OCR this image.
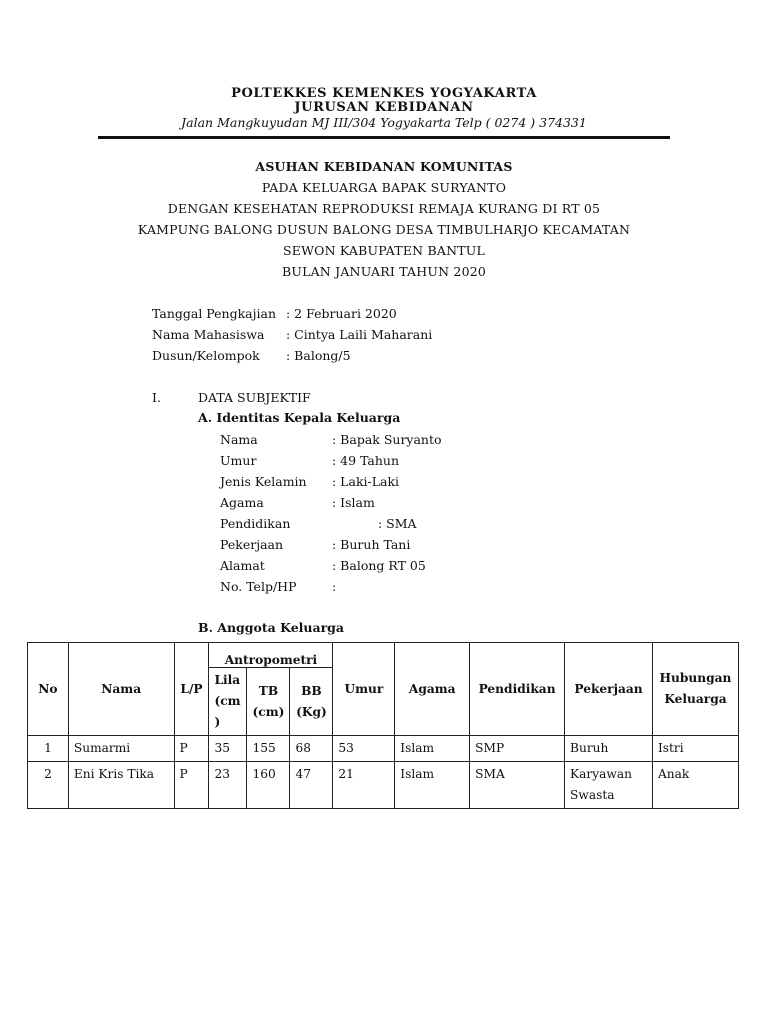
POLTEKKES KEMENKES YOGYAKARTA
JURUSAN KEBIDANAN
Jalan Mangkuyudan MJ III/304 Yogyakarta Telp ( 0274 ) 374331
ASUHAN KEBIDANAN KOMUNITAS
PADA KELUARGA BAPAK SURYANTO
DENGAN KESEHATAN REPRODUKSI REMAJA KURANG DI RT 05
KAMPUNG BALONG DUSUN BALONG DESA TIMBULHARJO KECAMATAN
SEWON KABUPATEN BANTUL
BULAN JANUARI TAHUN 2020
Tanggal Pengkajian : 2 Februari 2020
Nama Mahasiswa : Cintya Laili Maharani
Dusun/Kelompok : Balong/5
I.	DATA SUBJEKTIF
A. Identitas Kepala Keluarga
Nama	: Bapak Suryanto
Umur	: 49 Tahun
Jenis Kelamin : Laki-Laki
Agama	: Islam
Pendidikan	: SMA
Pekerjaan	: Buruh Tani
Alamat	: Balong RT 05
No. Telp/HP	:
B. Anggota Keluarga
No	Nama	L/P	Antropometri			Umur	Agama	Pendidikan	Pekerjaan	Hubungan Keluarga
			Lila (cm )	TB (cm)	BB (Kg)					
1	Sumarmi	P	35	155	68	53	Islam	SMP	Buruh	Istri
2	Eni Kris Tika	P	23	160	47	21	Islam	SMA	Karyawan Swasta	Anak
